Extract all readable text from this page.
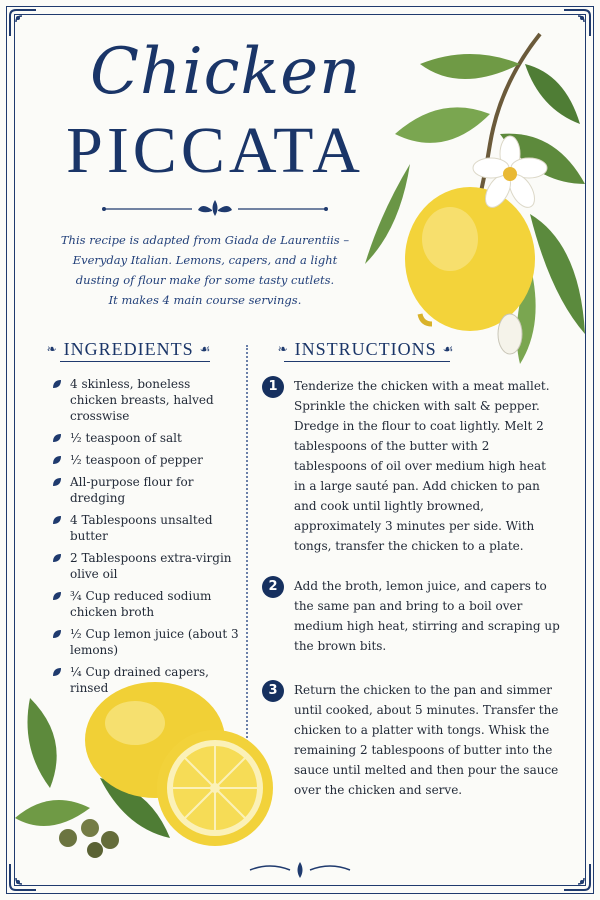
Chicken
PICCATA
This recipe is adapted from Giada de Laurentiis –
Everyday Italian. Lemons, capers, and a light
dusting of flour make for some tasty cutlets.
It makes 4 main course servings.
❧ INGREDIENTS ☙	❧ INSTRUCTIONS ☙
4 skinless, boneless chicken breasts, halved crosswise
½ teaspoon of salt
½ teaspoon of pepper
All-purpose flour for dredging
4 Tablespoons unsalted butter
2 Tablespoons extra-virgin olive oil
¾ Cup reduced sodium chicken broth
½ Cup lemon juice (about 3 lemons)
¼ Cup drained capers, rinsed
1	Tenderize the chicken with a meat mallet. Sprinkle the chicken with salt & pepper. Dredge in the flour to coat lightly. Melt 2 tablespoons of the butter with 2 tablespoons of oil over medium high heat in a large sauté pan. Add chicken to pan and cook until lightly browned, approximately 3 minutes per side. With tongs, transfer the chicken to a plate.
2	Add the broth, lemon juice, and capers to the same pan and bring to a boil over medium high heat, stirring and scraping up the brown bits.
3	Return the chicken to the pan and simmer until cooked, about 5 minutes. Transfer the chicken to a platter with tongs. Whisk the remaining 2 tablespoons of butter into the sauce until melted and then pour the sauce over the chicken and serve.
